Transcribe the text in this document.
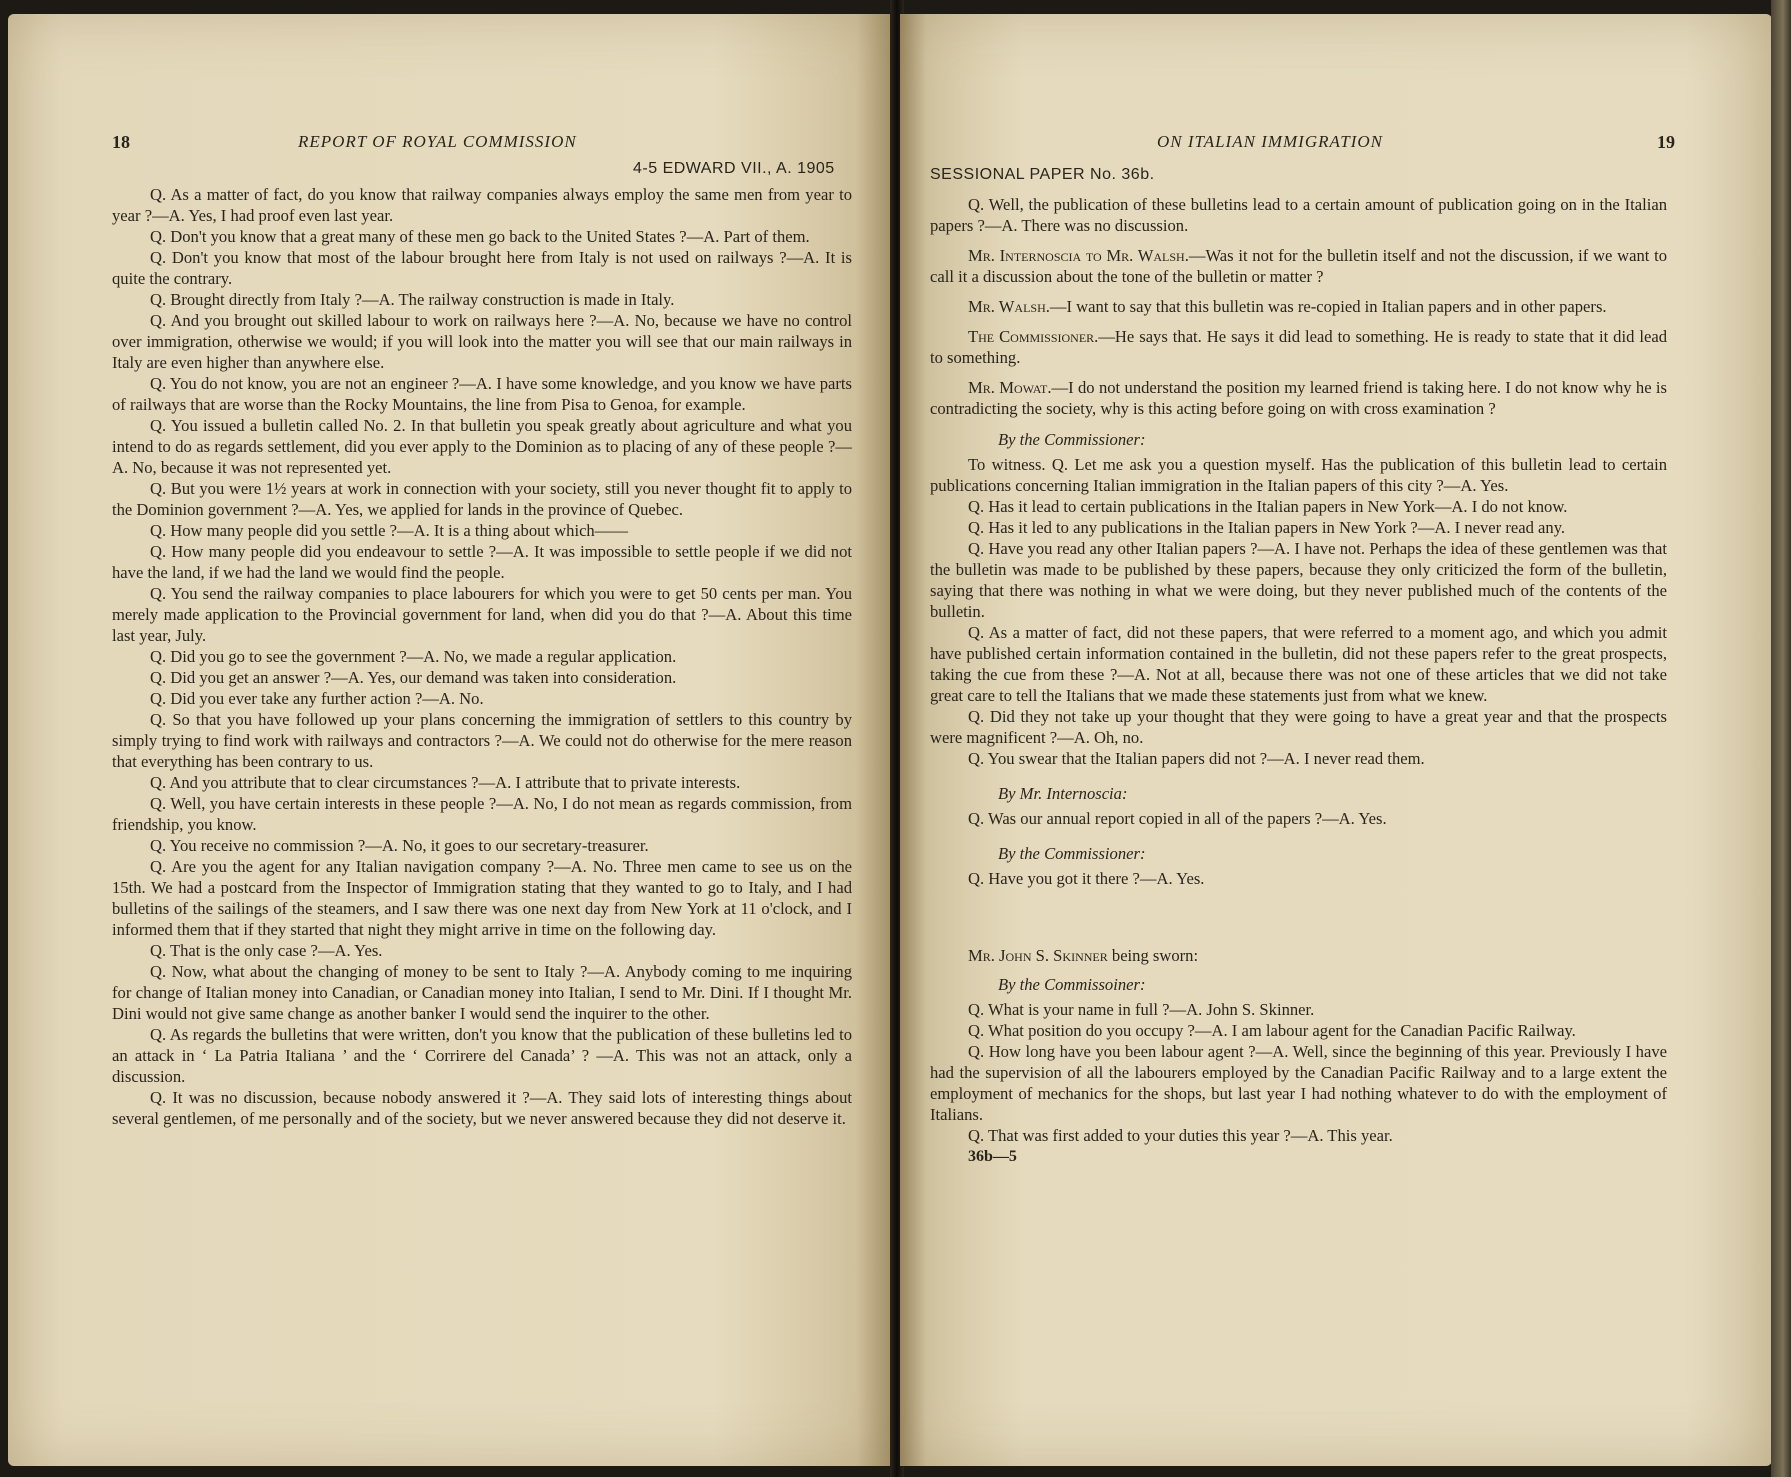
18	REPORT OF ROYAL COMMISSION
4-5 EDWARD VII., A. 1905

Q. As a matter of fact, do you know that railway companies always employ the same men from year to year ?—A. Yes, I had proof even last year.

Q. Don't you know that a great many of these men go back to the United States ?—A. Part of them.

Q. Don't you know that most of the labour brought here from Italy is not used on railways ?—A. It is quite the contrary.

Q. Brought directly from Italy ?—A. The railway construction is made in Italy.

Q. And you brought out skilled labour to work on railways here ?—A. No, because we have no control over immigration, otherwise we would; if you will look into the matter you will see that our main railways in Italy are even higher than anywhere else.

Q. You do not know, you are not an engineer ?—A. I have some knowledge, and you know we have parts of railways that are worse than the Rocky Mountains, the line from Pisa to Genoa, for example.

Q. You issued a bulletin called No. 2. In that bulletin you speak greatly about agriculture and what you intend to do as regards settlement, did you ever apply to the Dominion as to placing of any of these people ?—A. No, because it was not represented yet.

Q. But you were 1½ years at work in connection with your society, still you never thought fit to apply to the Dominion government ?—A. Yes, we applied for lands in the province of Quebec.

Q. How many people did you settle ?—A. It is a thing about which——

Q. How many people did you endeavour to settle ?—A. It was impossible to settle people if we did not have the land, if we had the land we would find the people.

Q. You send the railway companies to place labourers for which you were to get 50 cents per man. You merely made application to the Provincial government for land, when did you do that ?—A. About this time last year, July.

Q. Did you go to see the government ?—A. No, we made a regular application.

Q. Did you get an answer ?—A. Yes, our demand was taken into consideration.

Q. Did you ever take any further action ?—A. No.

Q. So that you have followed up your plans concerning the immigration of settlers to this country by simply trying to find work with railways and contractors ?—A. We could not do otherwise for the mere reason that everything has been contrary to us.

Q. And you attribute that to clear circumstances ?—A. I attribute that to private interests.

Q. Well, you have certain interests in these people ?—A. No, I do not mean as regards commission, from friendship, you know.

Q. You receive no commission ?—A. No, it goes to our secretary-treasurer.

Q. Are you the agent for any Italian navigation company ?—A. No. Three men came to see us on the 15th. We had a postcard from the Inspector of Immigration stating that they wanted to go to Italy, and I had bulletins of the sailings of the steamers, and I saw there was one next day from New York at 11 o'clock, and I informed them that if they started that night they might arrive in time on the following day.

Q. That is the only case ?—A. Yes.

Q. Now, what about the changing of money to be sent to Italy ?—A. Anybody coming to me inquiring for change of Italian money into Canadian, or Canadian money into Italian, I send to Mr. Dini. If I thought Mr. Dini would not give same change as another banker I would send the inquirer to the other.

Q. As regards the bulletins that were written, don't you know that the publication of these bulletins led to an attack in ‘ La Patria Italiana ’ and the ‘ Corrirere del Canada’ ? —A. This was not an attack, only a discussion.

Q. It was no discussion, because nobody answered it ?—A. They said lots of interesting things about several gentlemen, of me personally and of the society, but we never answered because they did not deserve it.

ON ITALIAN IMMIGRATION	19
SESSIONAL PAPER No. 36b.

Q. Well, the publication of these bulletins lead to a certain amount of publication going on in the Italian papers ?—A. There was no discussion.

Mr. Internoscia to Mr. Walsh.—Was it not for the bulletin itself and not the discussion, if we want to call it a discussion about the tone of the bulletin or matter ?

Mr. Walsh.—I want to say that this bulletin was re-copied in Italian papers and in other papers.

The Commissioner.—He says that. He says it did lead to something. He is ready to state that it did lead to something.

Mr. Mowat.—I do not understand the position my learned friend is taking here. I do not know why he is contradicting the society, why is this acting before going on with cross examination ?

By the Commissioner:

To witness. Q. Let me ask you a question myself. Has the publication of this bulletin lead to certain publications concerning Italian immigration in the Italian papers of this city ?—A. Yes.

Q. Has it lead to certain publications in the Italian papers in New York—A. I do not know.

Q. Has it led to any publications in the Italian papers in New York ?—A. I never read any.

Q. Have you read any other Italian papers ?—A. I have not. Perhaps the idea of these gentlemen was that the bulletin was made to be published by these papers, because they only criticized the form of the bulletin, saying that there was nothing in what we were doing, but they never published much of the contents of the bulletin.

Q. As a matter of fact, did not these papers, that were referred to a moment ago, and which you admit have published certain information contained in the bulletin, did not these papers refer to the great prospects, taking the cue from these ?—A. Not at all, because there was not one of these articles that we did not take great care to tell the Italians that we made these statements just from what we knew.

Q. Did they not take up your thought that they were going to have a great year and that the prospects were magnificent ?—A. Oh, no.

Q. You swear that the Italian papers did not ?—A. I never read them.

By Mr. Internoscia:

Q. Was our annual report copied in all of the papers ?—A. Yes.

By the Commissioner:

Q. Have you got it there ?—A. Yes.

Mr. John S. Skinner being sworn:

By the Commissoiner:

Q. What is your name in full ?—A. John S. Skinner.

Q. What position do you occupy ?—A. I am labour agent for the Canadian Pacific Railway.

Q. How long have you been labour agent ?—A. Well, since the beginning of this year. Previously I have had the supervision of all the labourers employed by the Canadian Pacific Railway and to a large extent the employment of mechanics for the shops, but last year I had nothing whatever to do with the employment of Italians.

Q. That was first added to your duties this year ?—A. This year.

36b—5
